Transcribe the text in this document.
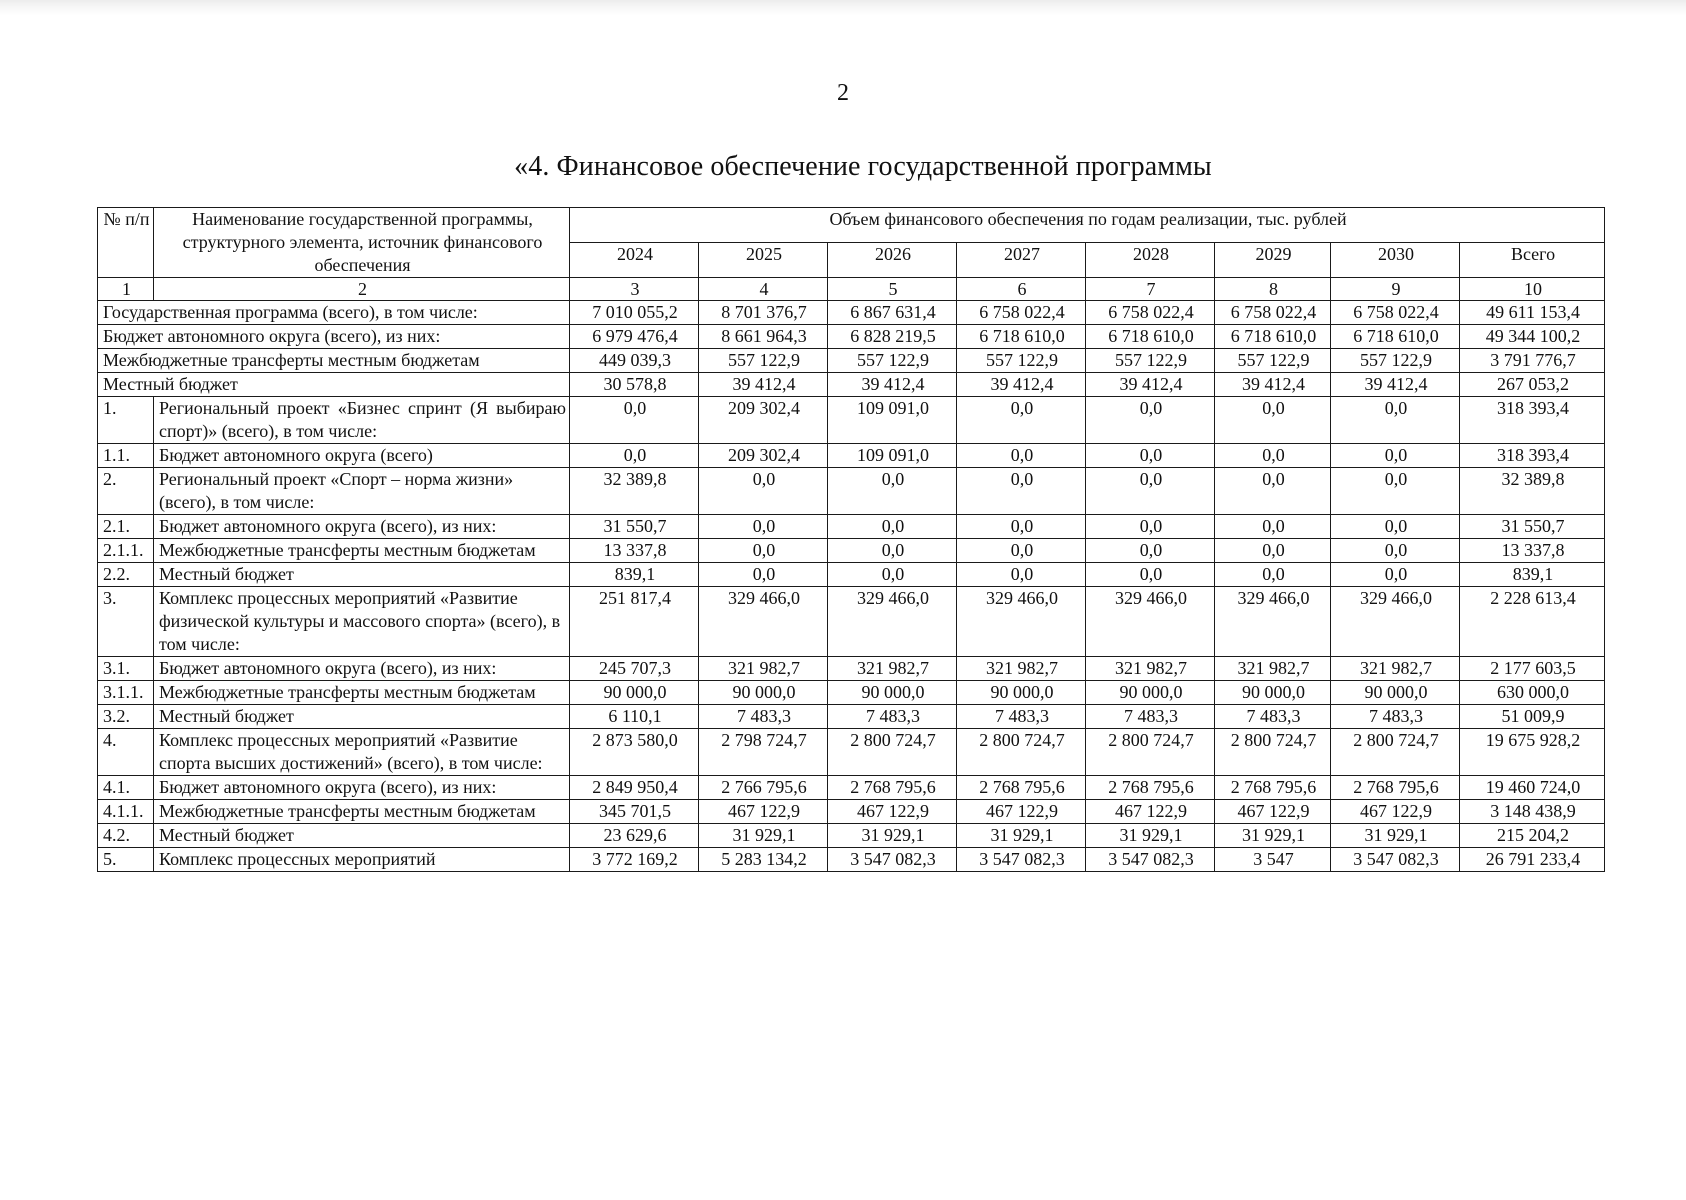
2
«4. Финансовое обеспечение государственной программы
№ п/п	Наименование государственной программы, структурного элемента, источник финансового обеспечения	Объем финансового обеспечения по годам реализации, тыс. рублей							
		2024	2025	2026	2027	2028	2029	2030	Всего
1	2	3	4	5	6	7	8	9	10
Государственная программа (всего), в том числе:		7 010 055,2	8 701 376,7	6 867 631,4	6 758 022,4	6 758 022,4	6 758 022,4	6 758 022,4	49 611 153,4
Бюджет автономного округа (всего), из них:		6 979 476,4	8 661 964,3	6 828 219,5	6 718 610,0	6 718 610,0	6 718 610,0	6 718 610,0	49 344 100,2
Межбюджетные трансферты местным бюджетам		449 039,3	557 122,9	557 122,9	557 122,9	557 122,9	557 122,9	557 122,9	3 791 776,7
Местный бюджет		30 578,8	39 412,4	39 412,4	39 412,4	39 412,4	39 412,4	39 412,4	267 053,2
1.	Региональный проект «Бизнес спринт (Я выбираю спорт)» (всего), в том числе:	0,0	209 302,4	109 091,0	0,0	0,0	0,0	0,0	318 393,4
1.1.	Бюджет автономного округа (всего)	0,0	209 302,4	109 091,0	0,0	0,0	0,0	0,0	318 393,4
2.	Региональный проект «Спорт – норма жизни» (всего), в том числе:	32 389,8	0,0	0,0	0,0	0,0	0,0	0,0	32 389,8
2.1.	Бюджет автономного округа (всего), из них:	31 550,7	0,0	0,0	0,0	0,0	0,0	0,0	31 550,7
2.1.1.	Межбюджетные трансферты местным бюджетам	13 337,8	0,0	0,0	0,0	0,0	0,0	0,0	13 337,8
2.2.	Местный бюджет	839,1	0,0	0,0	0,0	0,0	0,0	0,0	839,1
3.	Комплекс процессных мероприятий «Развитие физической культуры и массового спорта» (всего), в том числе:	251 817,4	329 466,0	329 466,0	329 466,0	329 466,0	329 466,0	329 466,0	2 228 613,4
3.1.	Бюджет автономного округа (всего), из них:	245 707,3	321 982,7	321 982,7	321 982,7	321 982,7	321 982,7	321 982,7	2 177 603,5
3.1.1.	Межбюджетные трансферты местным бюджетам	90 000,0	90 000,0	90 000,0	90 000,0	90 000,0	90 000,0	90 000,0	630 000,0
3.2.	Местный бюджет	6 110,1	7 483,3	7 483,3	7 483,3	7 483,3	7 483,3	7 483,3	51 009,9
4.	Комплекс процессных мероприятий «Развитие спорта высших достижений» (всего), в том числе:	2 873 580,0	2 798 724,7	2 800 724,7	2 800 724,7	2 800 724,7	2 800 724,7	2 800 724,7	19 675 928,2
4.1.	Бюджет автономного округа (всего), из них:	2 849 950,4	2 766 795,6	2 768 795,6	2 768 795,6	2 768 795,6	2 768 795,6	2 768 795,6	19 460 724,0
4.1.1.	Межбюджетные трансферты местным бюджетам	345 701,5	467 122,9	467 122,9	467 122,9	467 122,9	467 122,9	467 122,9	3 148 438,9
4.2.	Местный бюджет	23 629,6	31 929,1	31 929,1	31 929,1	31 929,1	31 929,1	31 929,1	215 204,2
5.	Комплекс процессных мероприятий	3 772 169,2	5 283 134,2	3 547 082,3	3 547 082,3	3 547 082,3	3 547	3 547 082,3	26 791 233,4
